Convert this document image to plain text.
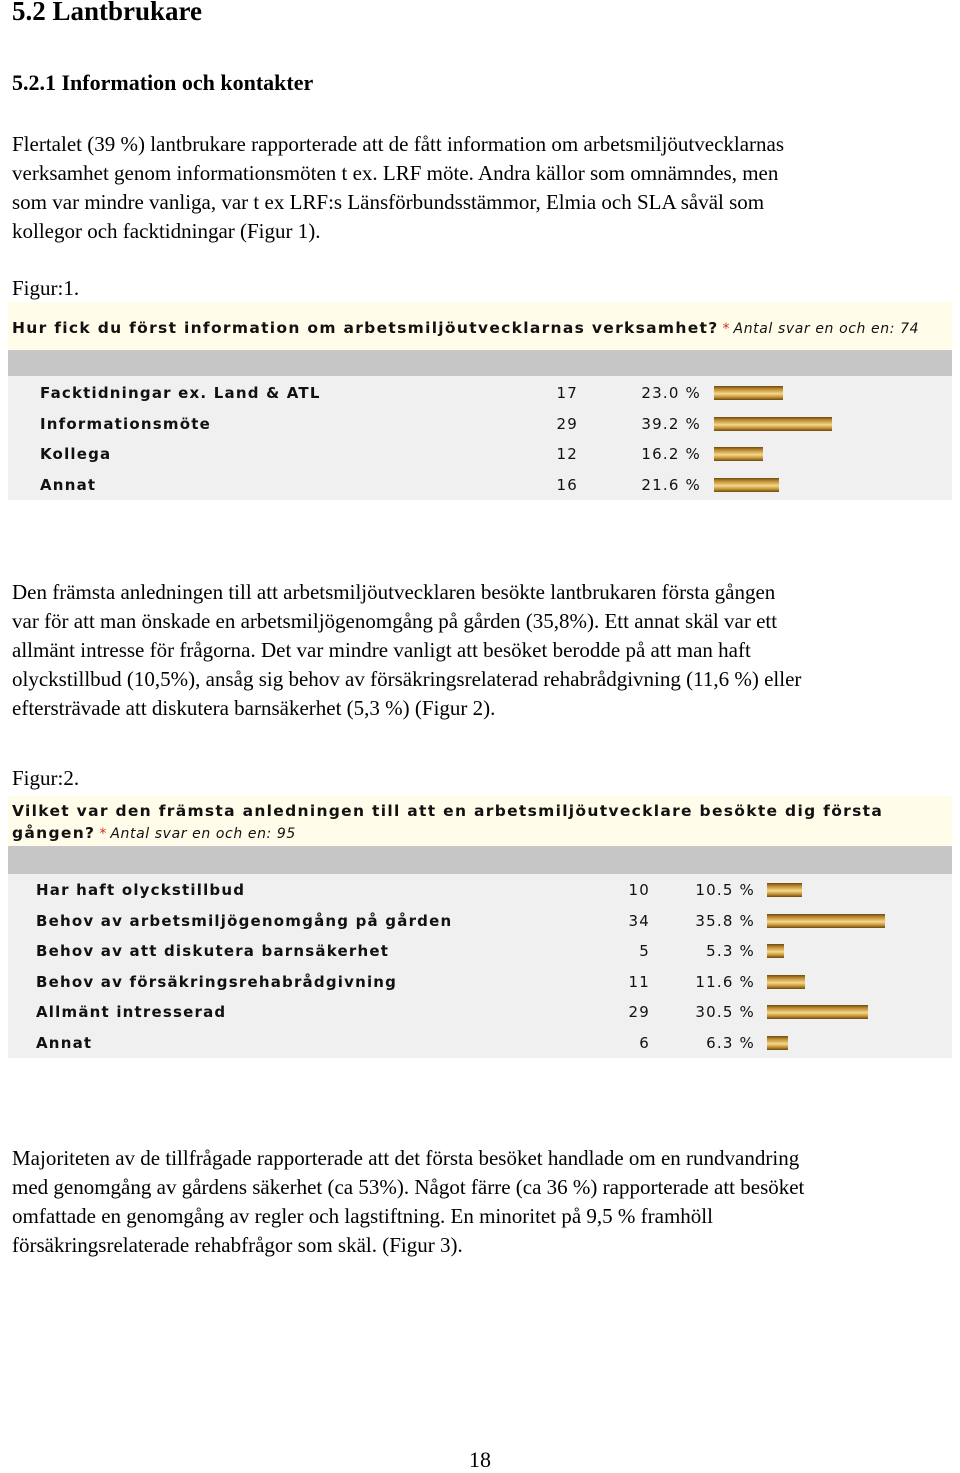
5.2 Lantbrukare
5.2.1 Information och kontakter
Flertalet (39 %) lantbrukare rapporterade att de fått information om arbetsmiljöutvecklarnas
verksamhet genom informationsmöten t ex. LRF möte. Andra källor som omnämndes, men
som var mindre vanliga, var t ex LRF:s Länsförbundsstämmor, Elmia och SLA såväl som
kollegor och facktidningar (Figur 1).
Figur:1.
Hur fick du först information om arbetsmiljöutvecklarnas verksamhet? * Antal svar en och en: 74
Facktidningar ex. Land & ATL	17	23.0 %
Informationsmöte	29	39.2 %
Kollega	12	16.2 %
Annat	16	21.6 %
Den främsta anledningen till att arbetsmiljöutvecklaren besökte lantbrukaren första gången
var för att man önskade en arbetsmiljögenomgång på gården (35,8%). Ett annat skäl var ett
allmänt intresse för frågorna. Det var mindre vanligt att besöket berodde på att man haft
olyckstillbud (10,5%), ansåg sig behov av försäkringsrelaterad rehabrådgivning (11,6 %) eller
eftersträvade att diskutera barnsäkerhet (5,3 %) (Figur 2).
Figur:2.
Vilket var den främsta anledningen till att en arbetsmiljöutvecklare besökte dig första
gången? * Antal svar en och en: 95
Har haft olyckstillbud	10	10.5 %
Behov av arbetsmiljögenomgång på gården	34	35.8 %
Behov av att diskutera barnsäkerhet	5	5.3 %
Behov av försäkringsrehabrådgivning	11	11.6 %
Allmänt intresserad	29	30.5 %
Annat	6	6.3 %
Majoriteten av de tillfrågade rapporterade att det första besöket handlade om en rundvandring
med genomgång av gårdens säkerhet (ca 53%). Något färre (ca 36 %) rapporterade att besöket
omfattade en genomgång av regler och lagstiftning. En minoritet på 9,5 % framhöll
försäkringsrelaterade rehabfrågor som skäl. (Figur 3).
18
